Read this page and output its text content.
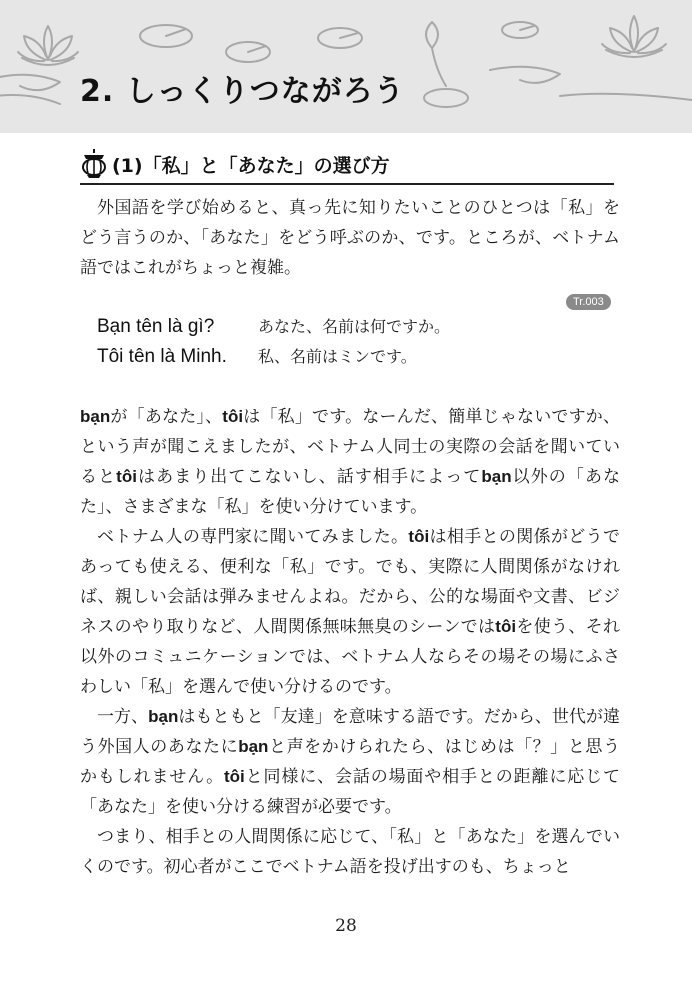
2. しっくりつながろう
(1)「私」と「あなた」の選び方

外国語を学び始めると、真っ先に知りたいことのひとつは「私」をどう言うのか、「あなた」をどう呼ぶのか、です。ところが、ベトナム語ではこれがちょっと複雑。

Tr.003
Bạn tên là gì?	あなた、名前は何ですか。
Tôi tên là Minh. 私、名前はミンです。

bạnが「あなた」、tôiは「私」です。なーんだ、簡単じゃないですか、という声が聞こえましたが、ベトナム人同士の実際の会話を聞いているとtôiはあまり出てこないし、話す相手によってbạn以外の「あなた」、さまざまな「私」を使い分けています。

ベトナム人の専門家に聞いてみました。tôiは相手との関係がどうであっても使える、便利な「私」です。でも、実際に人間関係がなければ、親しい会話は弾みませんよね。だから、公的な場面や文書、ビジネスのやり取りなど、人間関係無味無臭のシーンではtôiを使う、それ以外のコミュニケーションでは、ベトナム人ならその場その場にふさわしい「私」を選んで使い分けるのです。

一方、bạnはもともと「友達」を意味する語です。だから、世代が違う外国人のあなたにbạnと声をかけられたら、はじめは「？」と思うかもしれません。tôiと同様に、会話の場面や相手との距離に応じて「あなた」を使い分ける練習が必要です。

つまり、相手との人間関係に応じて、「私」と「あなた」を選んでいくのです。初心者がここでベトナム語を投げ出すのも、ちょっと

28
